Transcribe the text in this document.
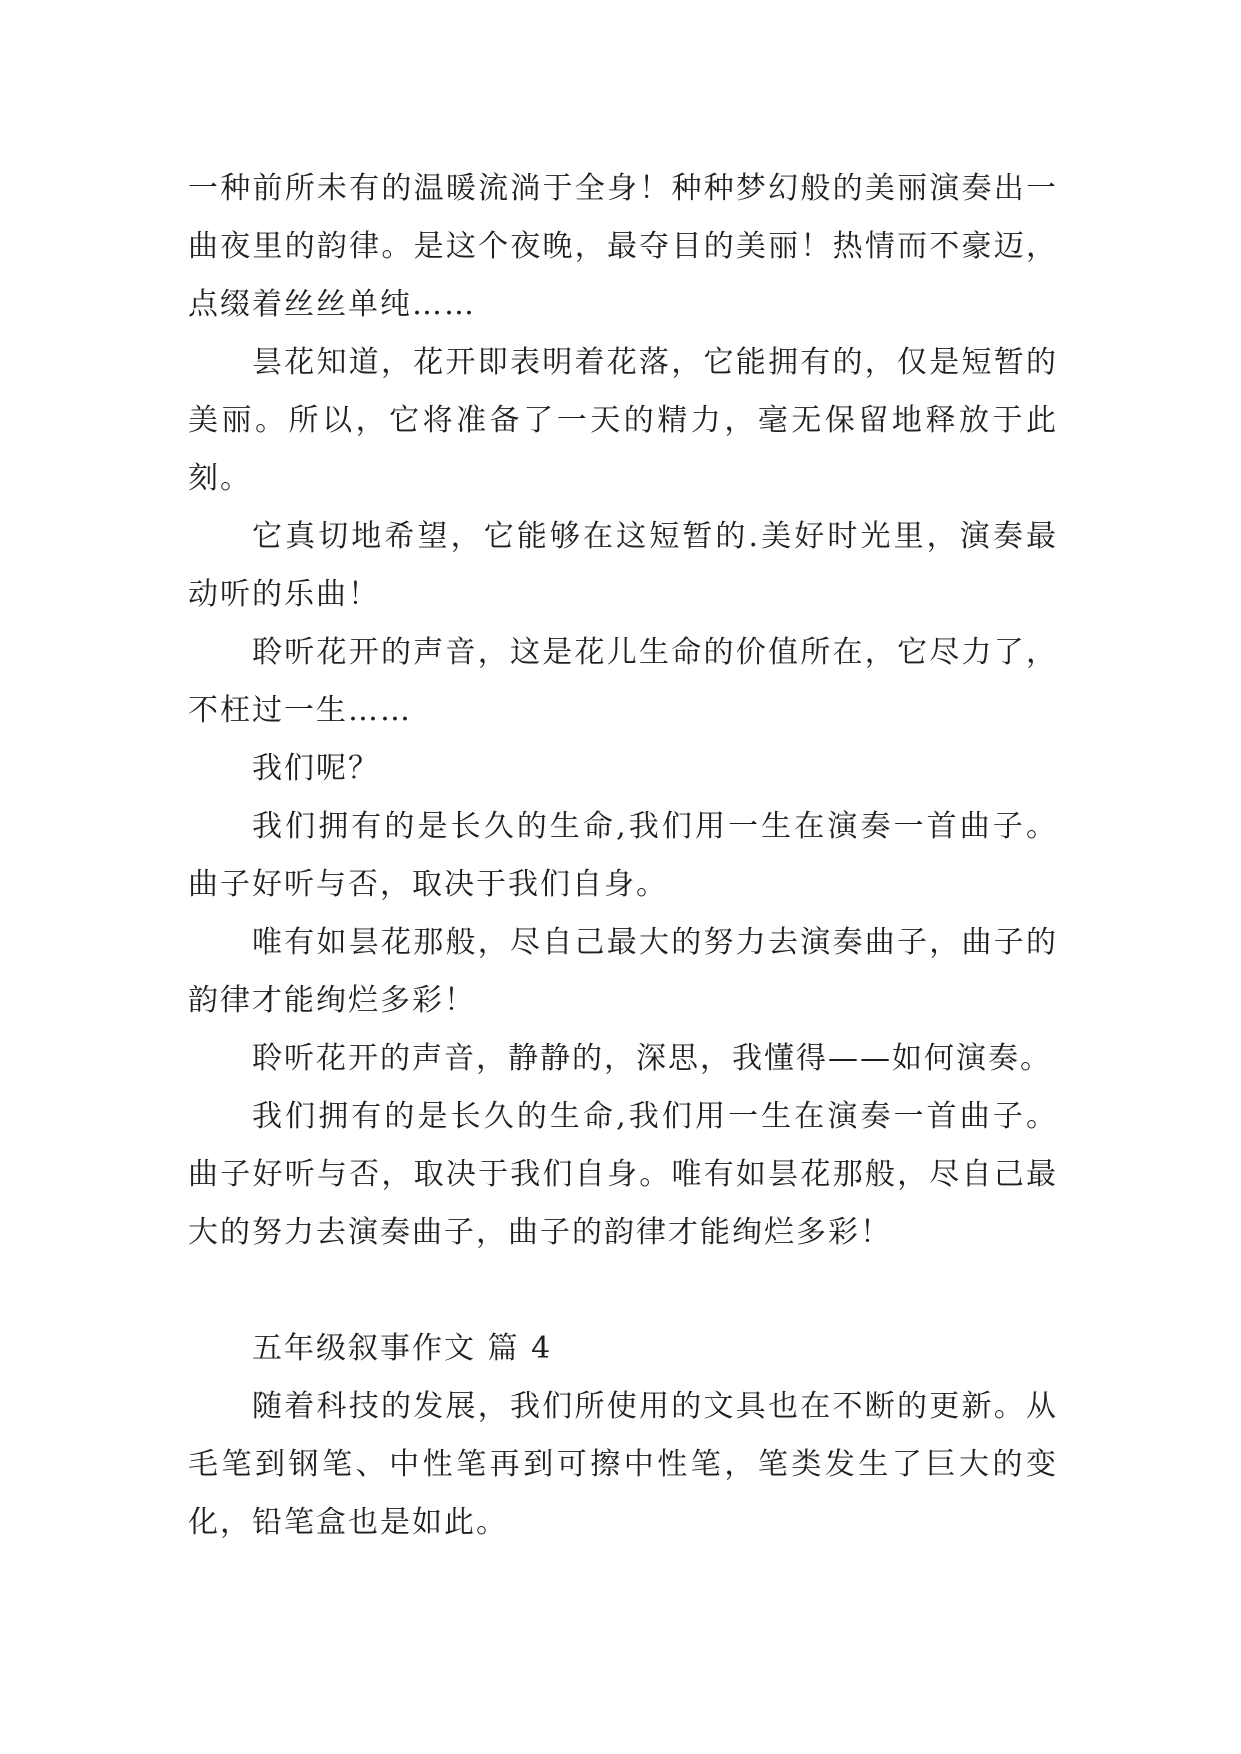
一种前所未有的温暖流淌于全身！种种梦幻般的美丽演奏出一曲夜里的韵律。是这个夜晚，最夺目的美丽！热情而不豪迈，点缀着丝丝单纯……

昙花知道，花开即表明着花落，它能拥有的，仅是短暂的美丽。所以，它将准备了一天的精力，毫无保留地释放于此刻。

它真切地希望，它能够在这短暂的.美好时光里，演奏最动听的乐曲！

聆听花开的声音，这是花儿生命的价值所在，它尽力了，不枉过一生……

我们呢？

我们拥有的是长久的生命,我们用一生在演奏一首曲子。曲子好听与否，取决于我们自身。

唯有如昙花那般，尽自己最大的努力去演奏曲子，曲子的韵律才能绚烂多彩！

聆听花开的声音，静静的，深思，我懂得——如何演奏。

我们拥有的是长久的生命,我们用一生在演奏一首曲子。曲子好听与否，取决于我们自身。唯有如昙花那般，尽自己最大的努力去演奏曲子，曲子的韵律才能绚烂多彩！

五年级叙事作文 篇 4

随着科技的发展，我们所使用的文具也在不断的更新。从毛笔到钢笔、中性笔再到可擦中性笔，笔类发生了巨大的变化，铅笔盒也是如此。
